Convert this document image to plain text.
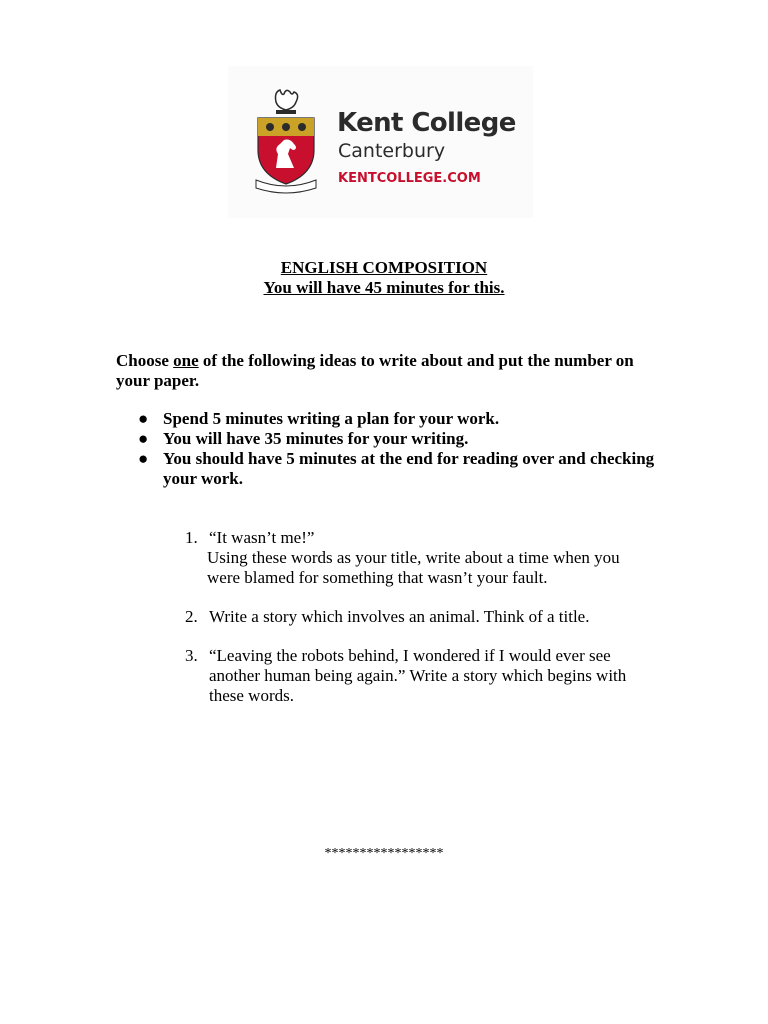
Kent College
Canterbury
KENTCOLLEGE.COM
ENGLISH COMPOSITION
You will have 45 minutes for this.
Choose one of the following ideas to write about and put the number on your paper.
● Spend 5 minutes writing a plan for your work.
● You will have 35 minutes for your writing.
● You should have 5 minutes at the end for reading over and checking your work.
1. “It wasn’t me!”
Using these words as your title, write about a time when you were blamed for something that wasn’t your fault.
2. Write a story which involves an animal. Think of a title.
3. “Leaving the robots behind, I wondered if I would ever see another human being again.” Write a story which begins with these words.
*****************
